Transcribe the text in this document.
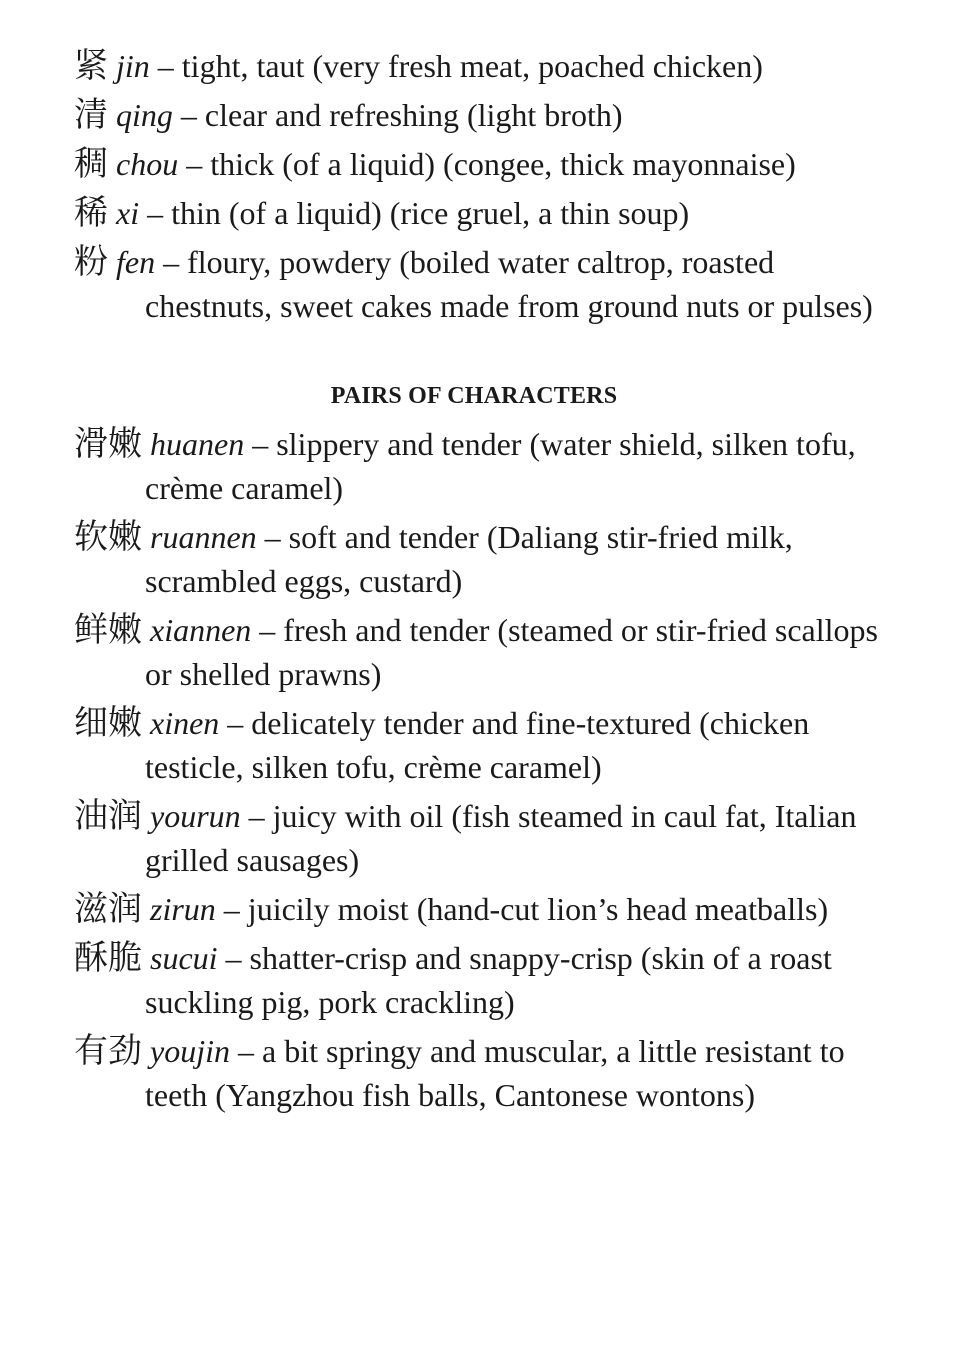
紧 jin – tight, taut (very fresh meat, poached chicken)
清 qing – clear and refreshing (light broth)
稠 chou – thick (of a liquid) (congee, thick mayonnaise)
稀 xi – thin (of a liquid) (rice gruel, a thin soup)
粉 fen – floury, powdery (boiled water caltrop, roasted chestnuts, sweet cakes made from ground nuts or pulses)
PAIRS OF CHARACTERS
滑嫩 huanen – slippery and tender (water shield, silken tofu, crème caramel)
软嫩 ruannen – soft and tender (Daliang stir-fried milk, scrambled eggs, custard)
鲜嫩 xiannen – fresh and tender (steamed or stir-fried scallops or shelled prawns)
细嫩 xinen – delicately tender and fine-textured (chicken testicle, silken tofu, crème caramel)
油润 yourun – juicy with oil (fish steamed in caul fat, Italian grilled sausages)
滋润 zirun – juicily moist (hand-cut lion’s head meatballs)
酥脆 sucui – shatter-crisp and snappy-crisp (skin of a roast suckling pig, pork crackling)
有劲 youjin – a bit springy and muscular, a little resistant to teeth (Yangzhou fish balls, Cantonese wontons)
